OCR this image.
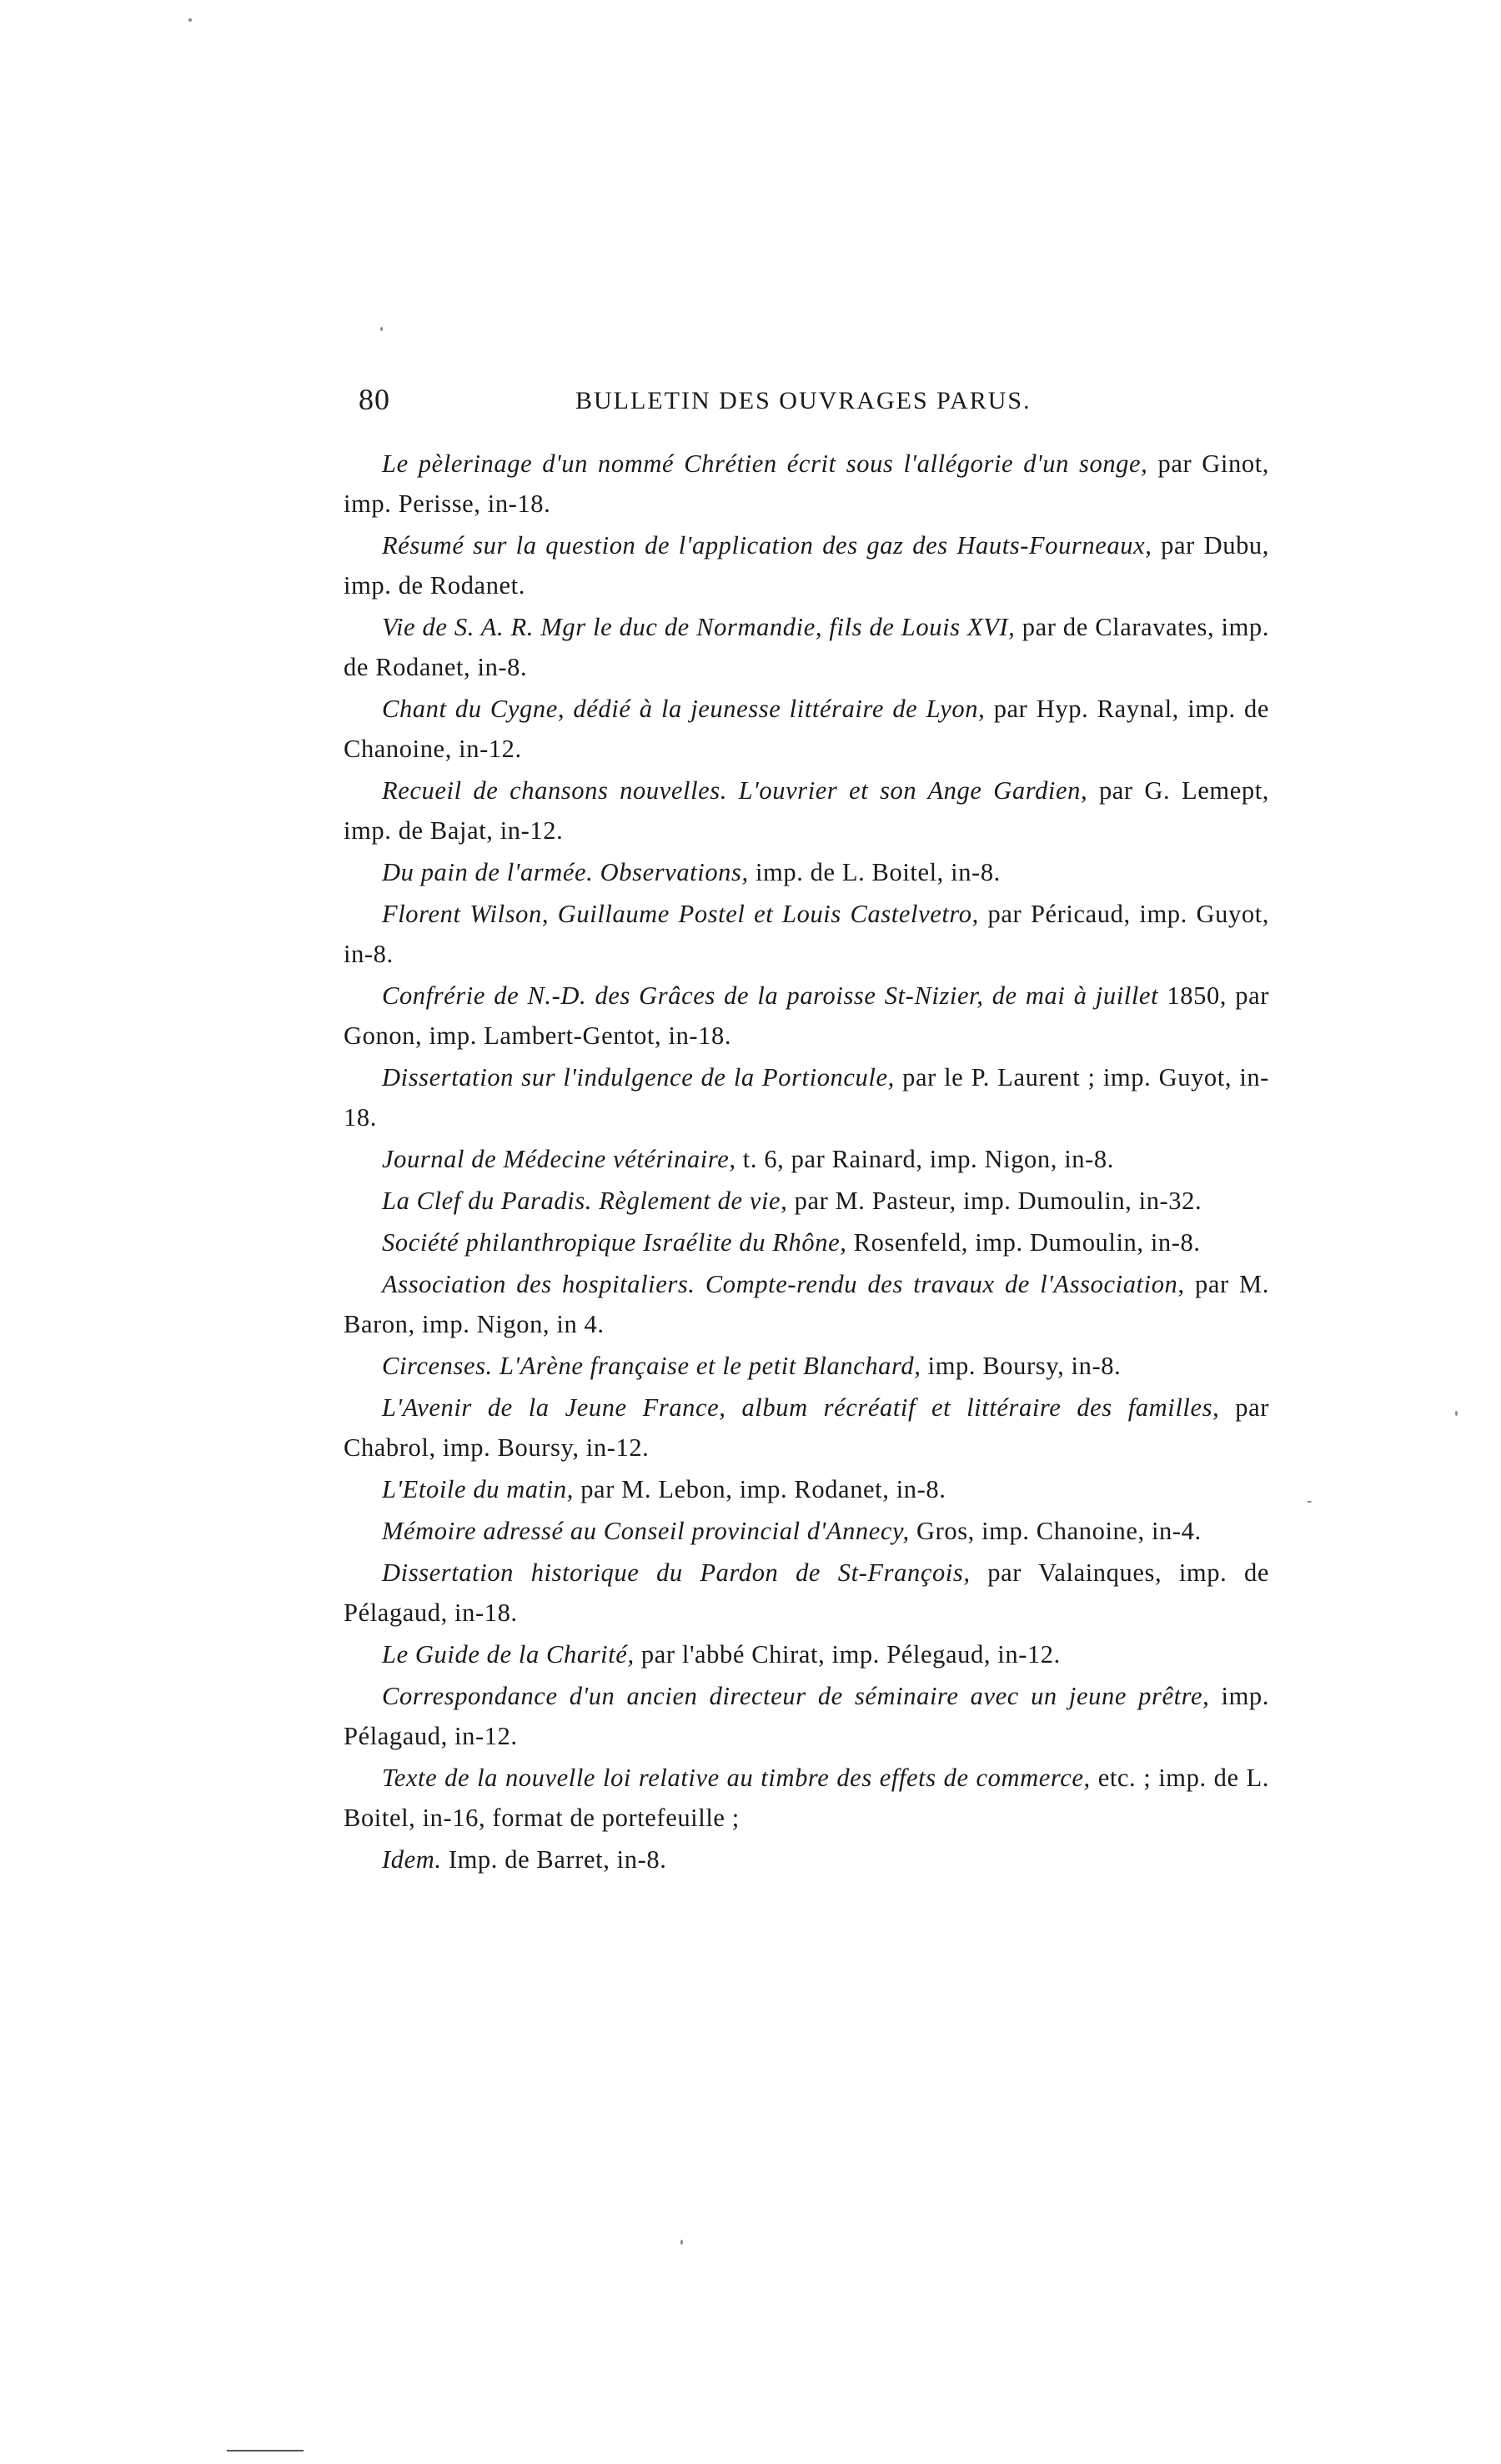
80	BULLETIN DES OUVRAGES PARUS.

Le pèlerinage d'un nommé Chrétien écrit sous l'allégorie d'un songe, par Ginot, imp. Perisse, in-18.

Résumé sur la question de l'application des gaz des Hauts-Fourneaux, par Dubu, imp. de Rodanet.

Vie de S. A. R. Mgr le duc de Normandie, fils de Louis XVI, par de Claravates, imp. de Rodanet, in-8.

Chant du Cygne, dédié à la jeunesse littéraire de Lyon, par Hyp. Raynal, imp. de Chanoine, in-12.

Recueil de chansons nouvelles. L'ouvrier et son Ange Gardien, par G. Lemept, imp. de Bajat, in-12.

Du pain de l'armée. Observations, imp. de L. Boitel, in-8.

Florent Wilson, Guillaume Postel et Louis Castelvetro, par Péricaud, imp. Guyot, in-8.

Confrérie de N.-D. des Grâces de la paroisse St-Nizier, de mai à juillet 1850, par Gonon, imp. Lambert-Gentot, in-18.

Dissertation sur l'indulgence de la Portioncule, par le P. Laurent ; imp. Guyot, in-18.

Journal de Médecine vétérinaire, t. 6, par Rainard, imp. Nigon, in-8.

La Clef du Paradis. Règlement de vie, par M. Pasteur, imp. Dumoulin, in-32.

Société philanthropique Israélite du Rhône, Rosenfeld, imp. Dumoulin, in-8.

Association des hospitaliers. Compte-rendu des travaux de l'Association, par M. Baron, imp. Nigon, in 4.

Circenses. L'Arène française et le petit Blanchard, imp. Boursy, in-8.

L'Avenir de la Jeune France, album récréatif et littéraire des familles, par Chabrol, imp. Boursy, in-12.

L'Etoile du matin, par M. Lebon, imp. Rodanet, in-8.

Mémoire adressé au Conseil provincial d'Annecy, Gros, imp. Chanoine, in-4.

Dissertation historique du Pardon de St-François, par Valainques, imp. de Pélagaud, in-18.

Le Guide de la Charité, par l'abbé Chirat, imp. Pélegaud, in-12.

Correspondance d'un ancien directeur de séminaire avec un jeune prêtre, imp. Pélagaud, in-12.

Texte de la nouvelle loi relative au timbre des effets de commerce, etc. ; imp. de L. Boitel, in-16, format de portefeuille ;

Idem. Imp. de Barret, in-8.
